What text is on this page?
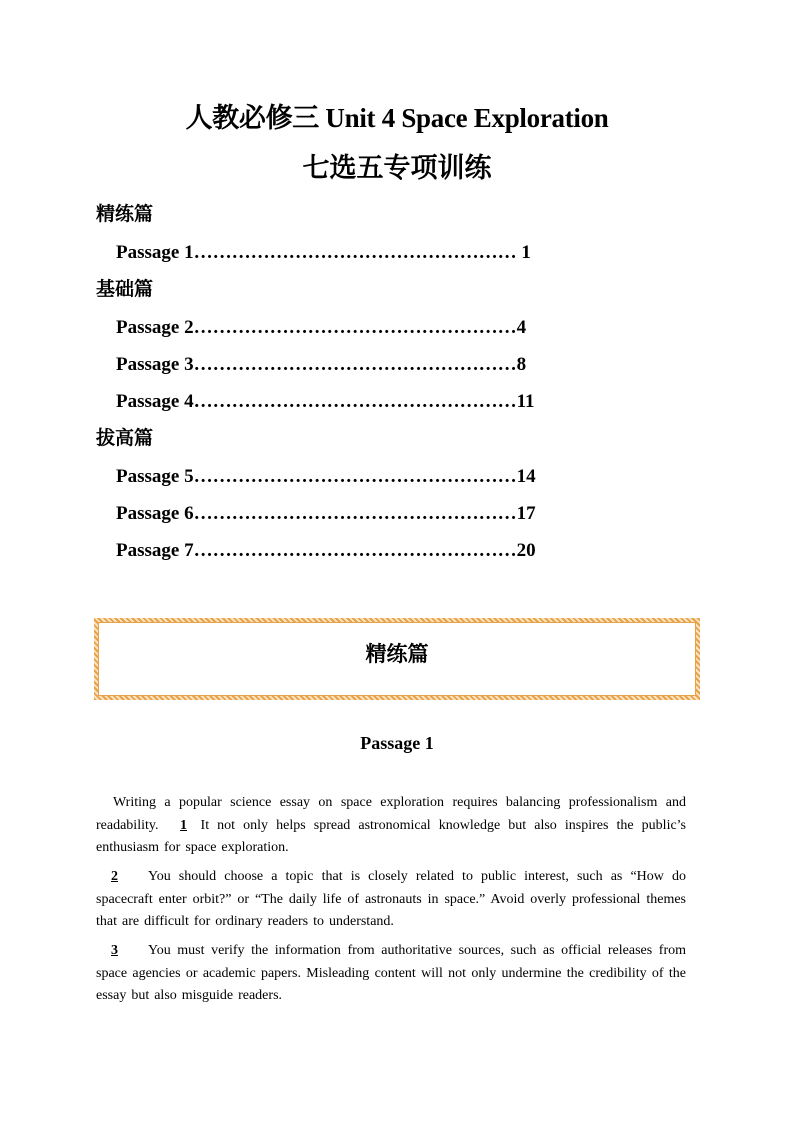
人教必修三 Unit 4 Space Exploration
七选五专项训练
精练篇
Passage 1 …………………………………………… 1
基础篇
Passage 2 …………………………………………… 4
Passage 3 …………………………………………… 8
Passage 4 …………………………………………… 11
拔高篇
Passage 5 …………………………………………… 14
Passage 6 …………………………………………… 17
Passage 7 …………………………………………… 20
精练篇
Passage 1
Writing a popular science essay on space exploration requires balancing professionalism and readability. 1 It not only helps spread astronomical knowledge but also inspires the public’s enthusiasm for space exploration.
2 You should choose a topic that is closely related to public interest, such as “How do spacecraft enter orbit?” or “The daily life of astronauts in space.” Avoid overly professional themes that are difficult for ordinary readers to understand.
3 You must verify the information from authoritative sources, such as official releases from space agencies or academic papers. Misleading content will not only undermine the credibility of the essay but also misguide readers.
